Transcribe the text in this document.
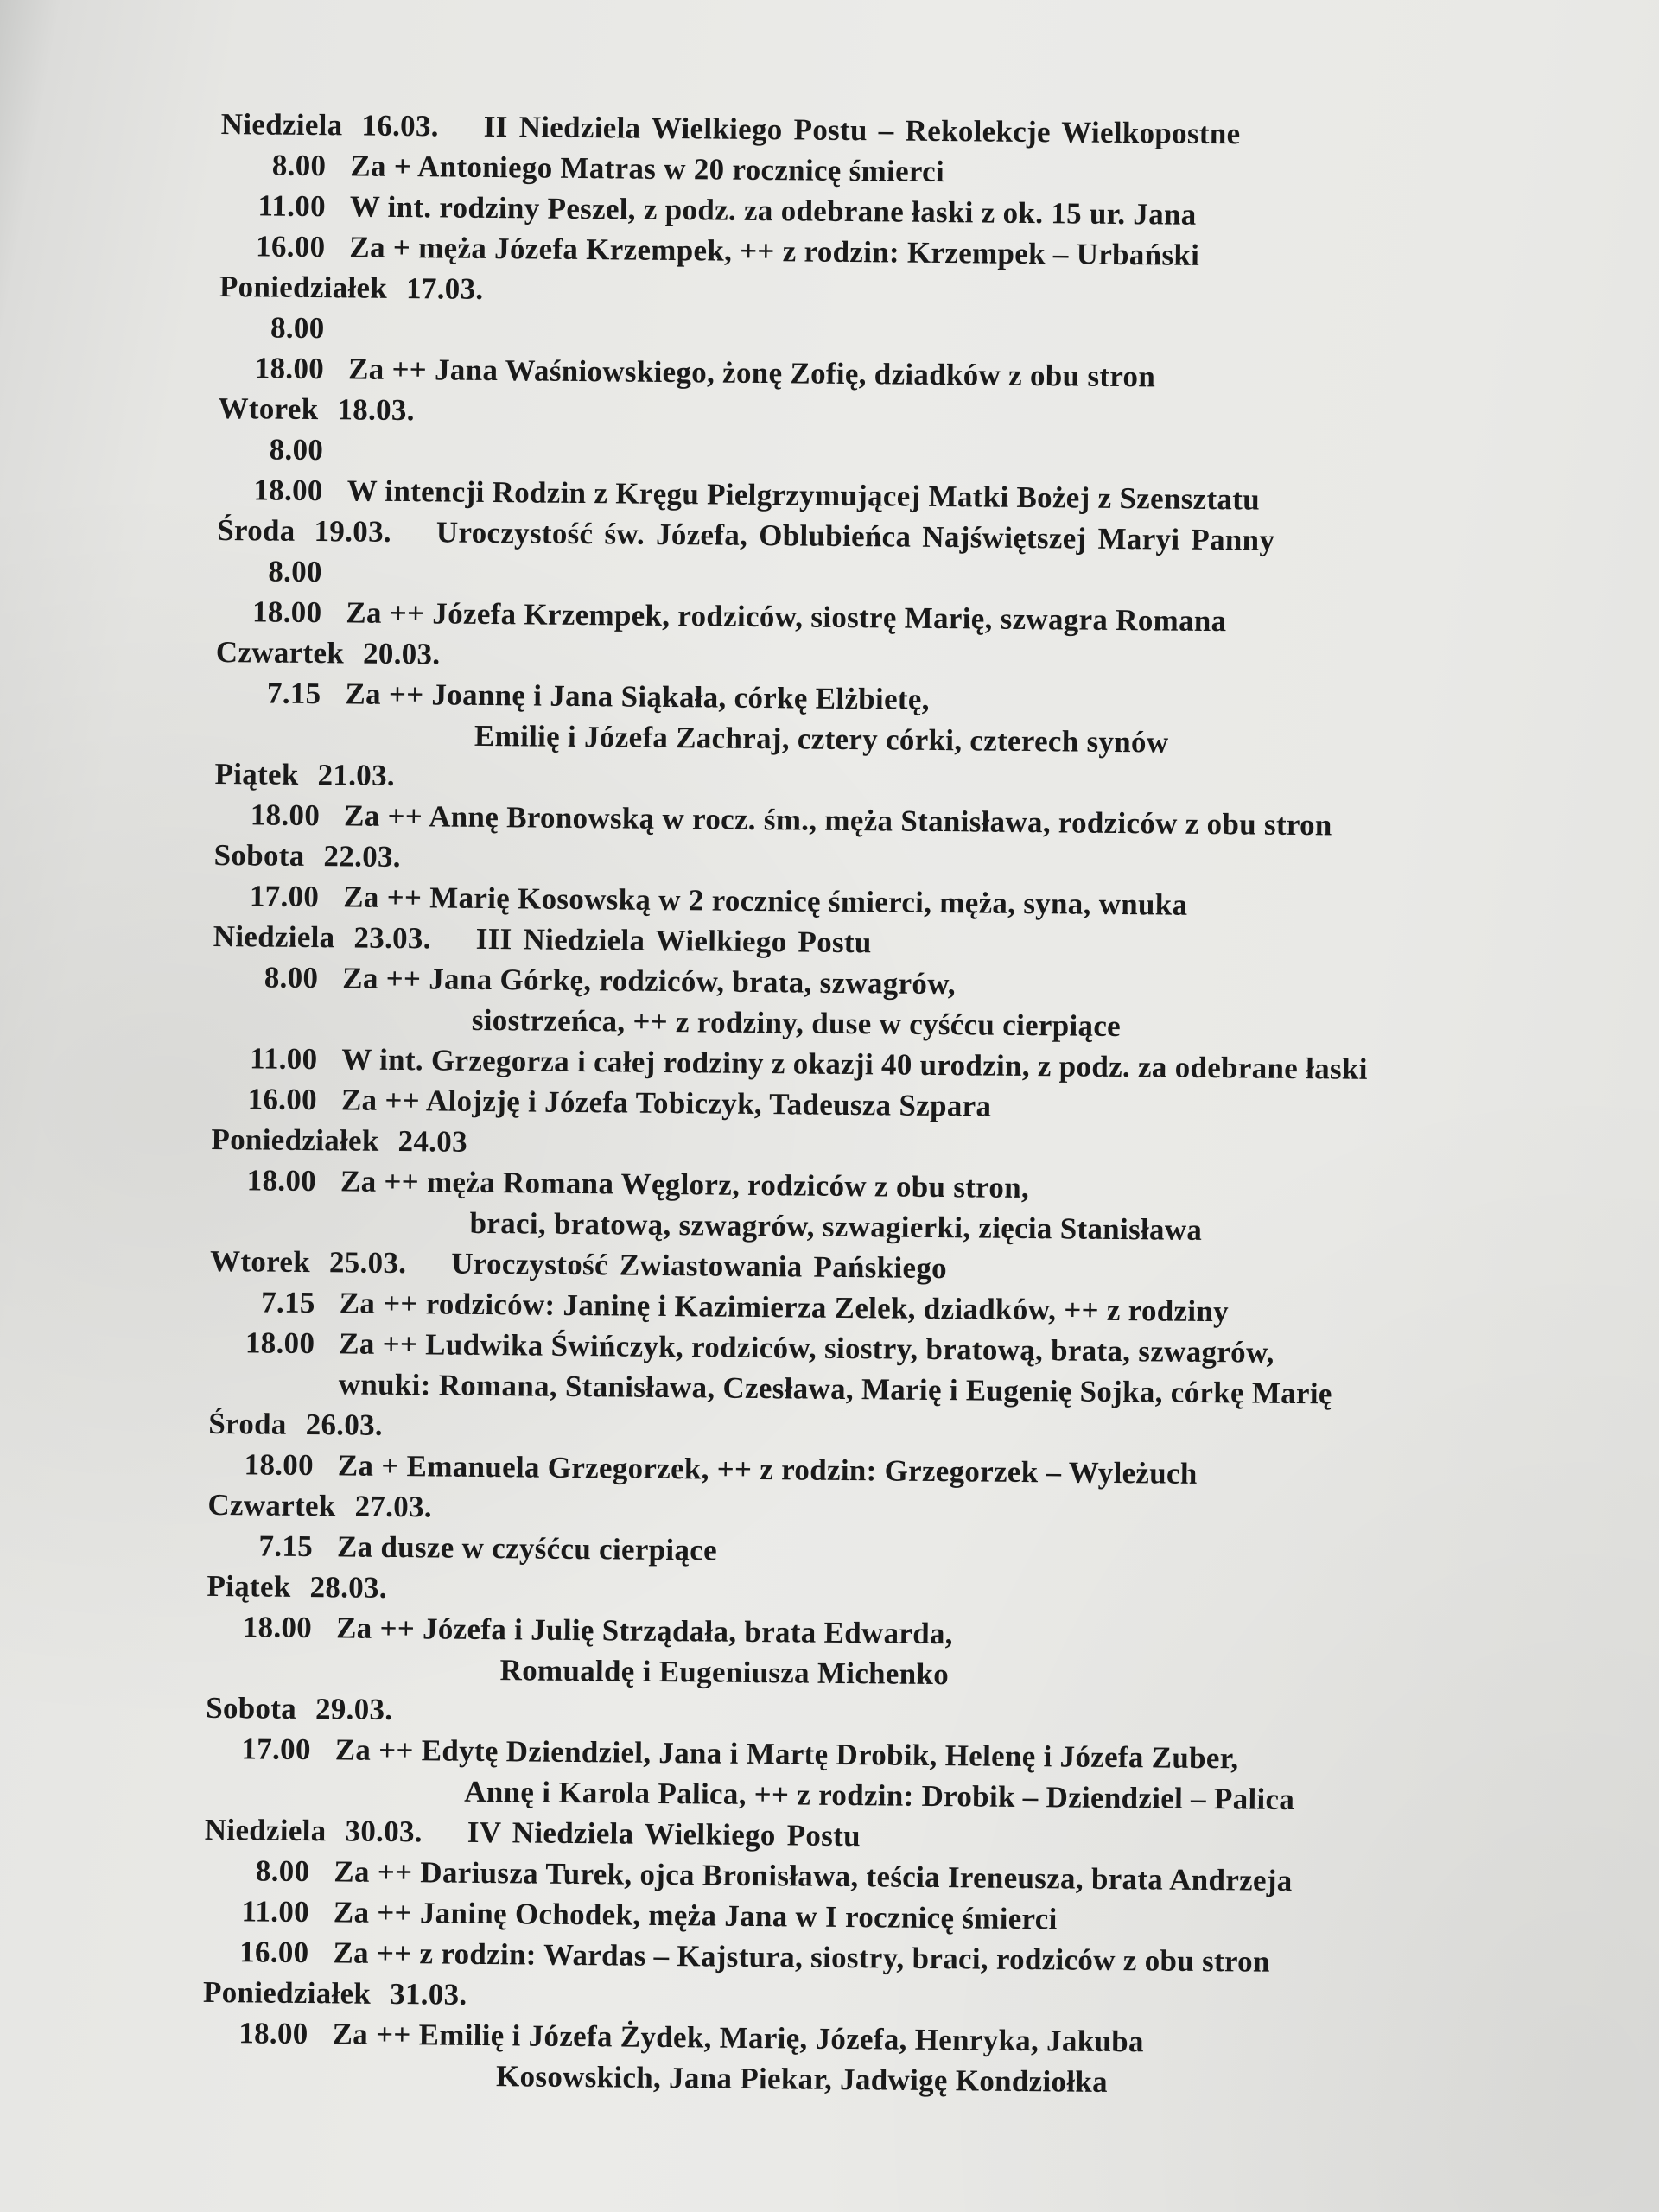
Niedziela 16.03. II Niedziela Wielkiego Postu – Rekolekcje Wielkopostne
8.00 Za + Antoniego Matras w 20 rocznicę śmierci
11.00 W int. rodziny Peszel, z podz. za odebrane łaski z ok. 15 ur. Jana
16.00 Za + męża Józefa Krzempek, ++ z rodzin: Krzempek – Urbański
Poniedziałek 17.03.
8.00
18.00 Za ++ Jana Waśniowskiego, żonę Zofię, dziadków z obu stron
Wtorek 18.03.
8.00
18.00 W intencji Rodzin z Kręgu Pielgrzymującej Matki Bożej z Szensztatu
Środa 19.03. Uroczystość św. Józefa, Oblubieńca Najświętszej Maryi Panny
8.00
18.00 Za ++ Józefa Krzempek, rodziców, siostrę Marię, szwagra Romana
Czwartek 20.03.
7.15 Za ++ Joannę i Jana Siąkała, córkę Elżbietę,
Emilię i Józefa Zachraj, cztery córki, czterech synów
Piątek 21.03.
18.00 Za ++ Annę Bronowską w rocz. śm., męża Stanisława, rodziców z obu stron
Sobota 22.03.
17.00 Za ++ Marię Kosowską w 2 rocznicę śmierci, męża, syna, wnuka
Niedziela 23.03. III Niedziela Wielkiego Postu
8.00 Za ++ Jana Górkę, rodziców, brata, szwagrów,
siostrzeńca, ++ z rodziny, duse w cyśćcu cierpiące
11.00 W int. Grzegorza i całej rodziny z okazji 40 urodzin, z podz. za odebrane łaski
16.00 Za ++ Alojzję i Józefa Tobiczyk, Tadeusza Szpara
Poniedziałek 24.03
18.00 Za ++ męża Romana Węglorz, rodziców z obu stron,
braci, bratową, szwagrów, szwagierki, zięcia Stanisława
Wtorek 25.03. Uroczystość Zwiastowania Pańskiego
7.15 Za ++ rodziców: Janinę i Kazimierza Zelek, dziadków, ++ z rodziny
18.00 Za ++ Ludwika Świńczyk, rodziców, siostry, bratową, brata, szwagrów,
wnuki: Romana, Stanisława, Czesława, Marię i Eugenię Sojka, córkę Marię
Środa 26.03.
18.00 Za + Emanuela Grzegorzek, ++ z rodzin: Grzegorzek – Wyleżuch
Czwartek 27.03.
7.15 Za dusze w czyśćcu cierpiące
Piątek 28.03.
18.00 Za ++ Józefa i Julię Strządała, brata Edwarda,
Romualdę i Eugeniusza Michenko
Sobota 29.03.
17.00 Za ++ Edytę Dziendziel, Jana i Martę Drobik, Helenę i Józefa Zuber,
Annę i Karola Palica, ++ z rodzin: Drobik – Dziendziel – Palica
Niedziela 30.03. IV Niedziela Wielkiego Postu
8.00 Za ++ Dariusza Turek, ojca Bronisława, teścia Ireneusza, brata Andrzeja
11.00 Za ++ Janinę Ochodek, męża Jana w I rocznicę śmierci
16.00 Za ++ z rodzin: Wardas – Kajstura, siostry, braci, rodziców z obu stron
Poniedziałek 31.03.
18.00 Za ++ Emilię i Józefa Żydek, Marię, Józefa, Henryka, Jakuba
Kosowskich, Jana Piekar, Jadwigę Kondziołka
